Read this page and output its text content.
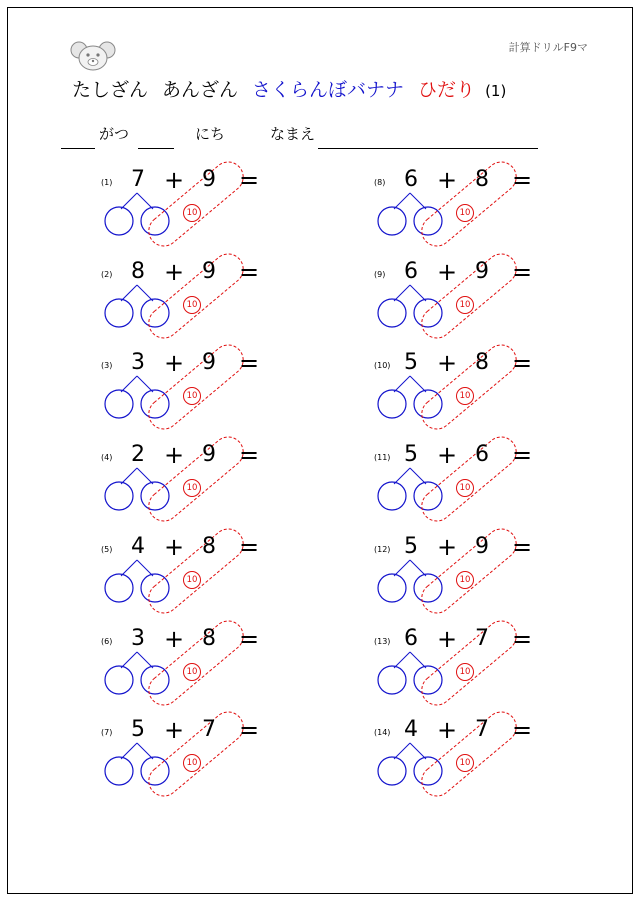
計算ドリルF9マ
たしざん あんざん さくらんぼバナナ ひだり (1)
がつ	にち	なまえ
(1) 7 + 9 =
10
(2) 8 + 9 =
10
(3) 3 + 9 =
10
(4) 2 + 9 =
10
(5) 4 + 8 =
10
(6) 3 + 8 =
10
(7) 5 + 7 =
10
(8) 6 + 8 =
10
(9) 6 + 9 =
10
(10) 5 + 8 =
10
(11) 5 + 6 =
10
(12) 5 + 9 =
10
(13) 6 + 7 =
10
(14) 4 + 7 =
10
